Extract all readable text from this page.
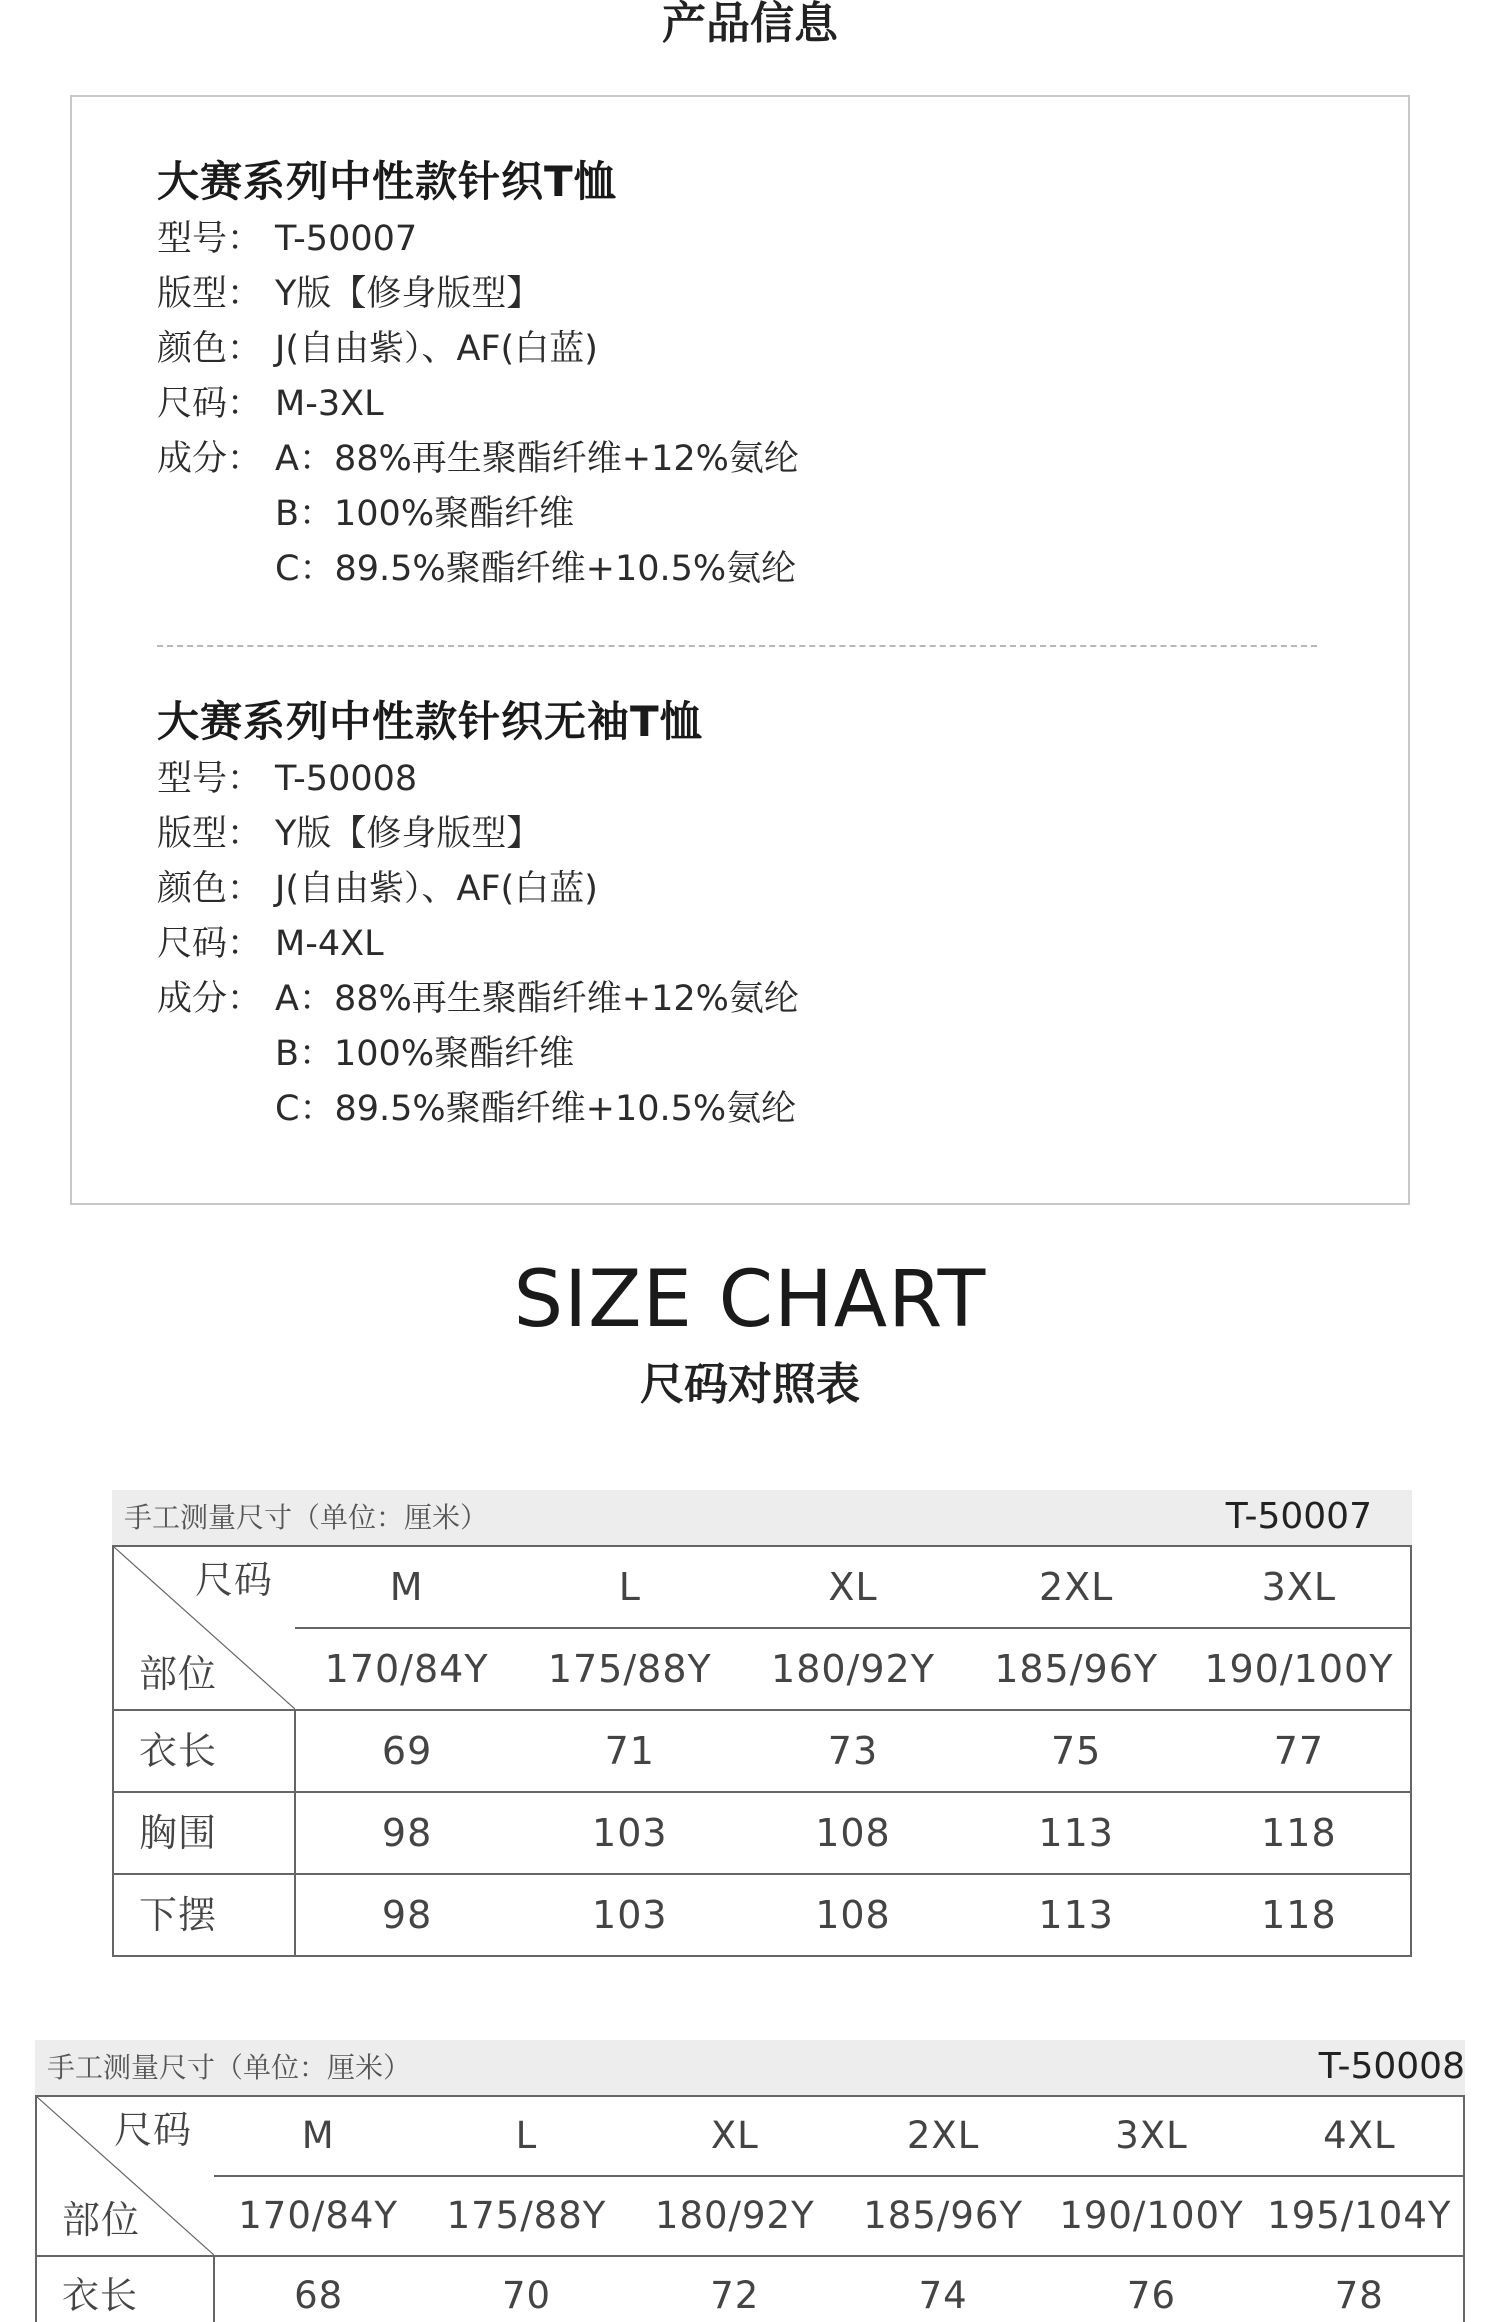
产品信息
大赛系列中性款针织T恤
型号： T-50007
版型： Y版【修身版型】
颜色： J(自由紫）、AF(白蓝)
尺码： M-3XL
成分： A：88%再生聚酯纤维+12%氨纶
B：100%聚酯纤维
C：89.5%聚酯纤维+10.5%氨纶
大赛系列中性款针织无袖T恤
型号： T-50008
版型： Y版【修身版型】
颜色： J(自由紫）、AF(白蓝)
尺码： M-4XL
成分： A：88%再生聚酯纤维+12%氨纶
B：100%聚酯纤维
C：89.5%聚酯纤维+10.5%氨纶
SIZE CHART
尺码对照表
手工测量尺寸（单位：厘米）	T-50007
尺码
部位	M	L	XL	2XL	3XL
	170/84Y	175/88Y	180/92Y	185/96Y	190/100Y
衣长	69	71	73	75	77
胸围	98	103	108	113	118
下摆	98	103	108	113	118
手工测量尺寸（单位：厘米）	T-50008
尺码
部位	M	L	XL	2XL	3XL	4XL
	170/84Y	175/88Y	180/92Y	185/96Y	190/100Y	195/104Y
衣长	68	70	72	74	76	78
